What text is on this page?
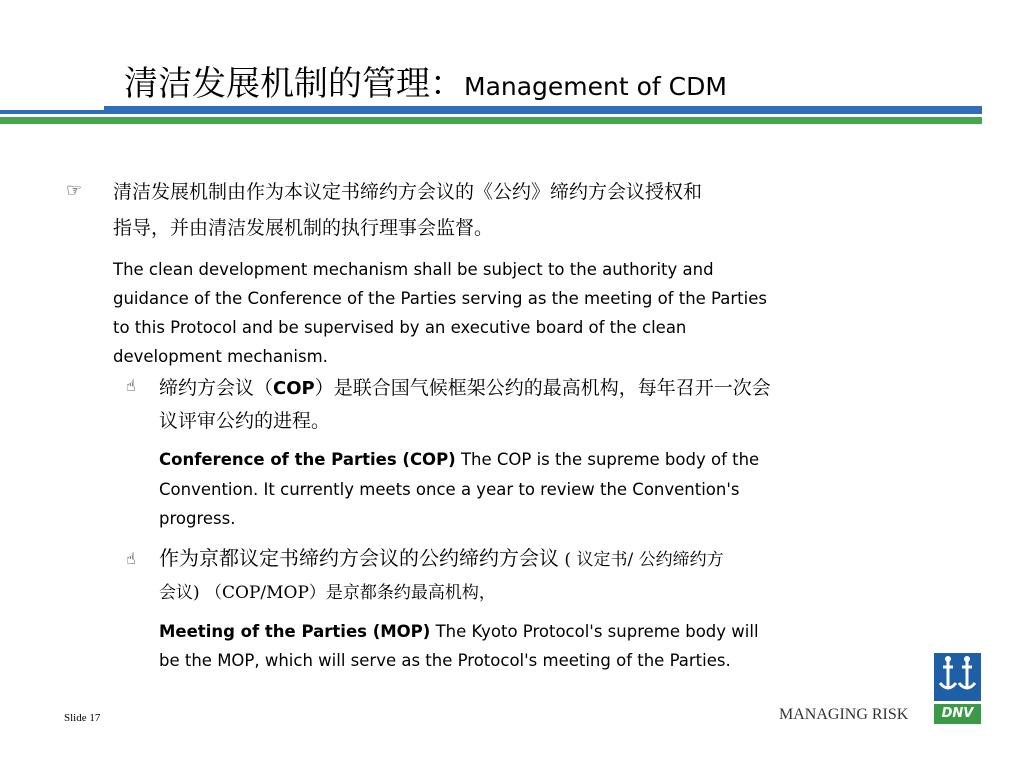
清洁发展机制的管理：Management of CDM
☞ 清洁发展机制由作为本议定书缔约方会议的《公约》缔约方会议授权和
指导，并由清洁发展机制的执行理事会监督。
The clean development mechanism shall be subject to the authority and
guidance of the Conference of the Parties serving as the meeting of the Parties
to this Protocol and be supervised by an executive board of the clean
development mechanism.
☝ 缔约方会议（COP）是联合国气候框架公约的最高机构，每年召开一次会
议评审公约的进程。
Conference of the Parties (COP) The COP is the supreme body of the
Convention. It currently meets once a year to review the Convention's
progress.
☝ 作为京都议定书缔约方会议的公约缔约方会议 ( 议定书/ 公约缔约方
会议) （COP/MOP）是京都条约最高机构，
Meeting of the Parties (MOP) The Kyoto Protocol's supreme body will
be the MOP, which will serve as the Protocol's meeting of the Parties.
Slide 17	MANAGING RISK	DNV
